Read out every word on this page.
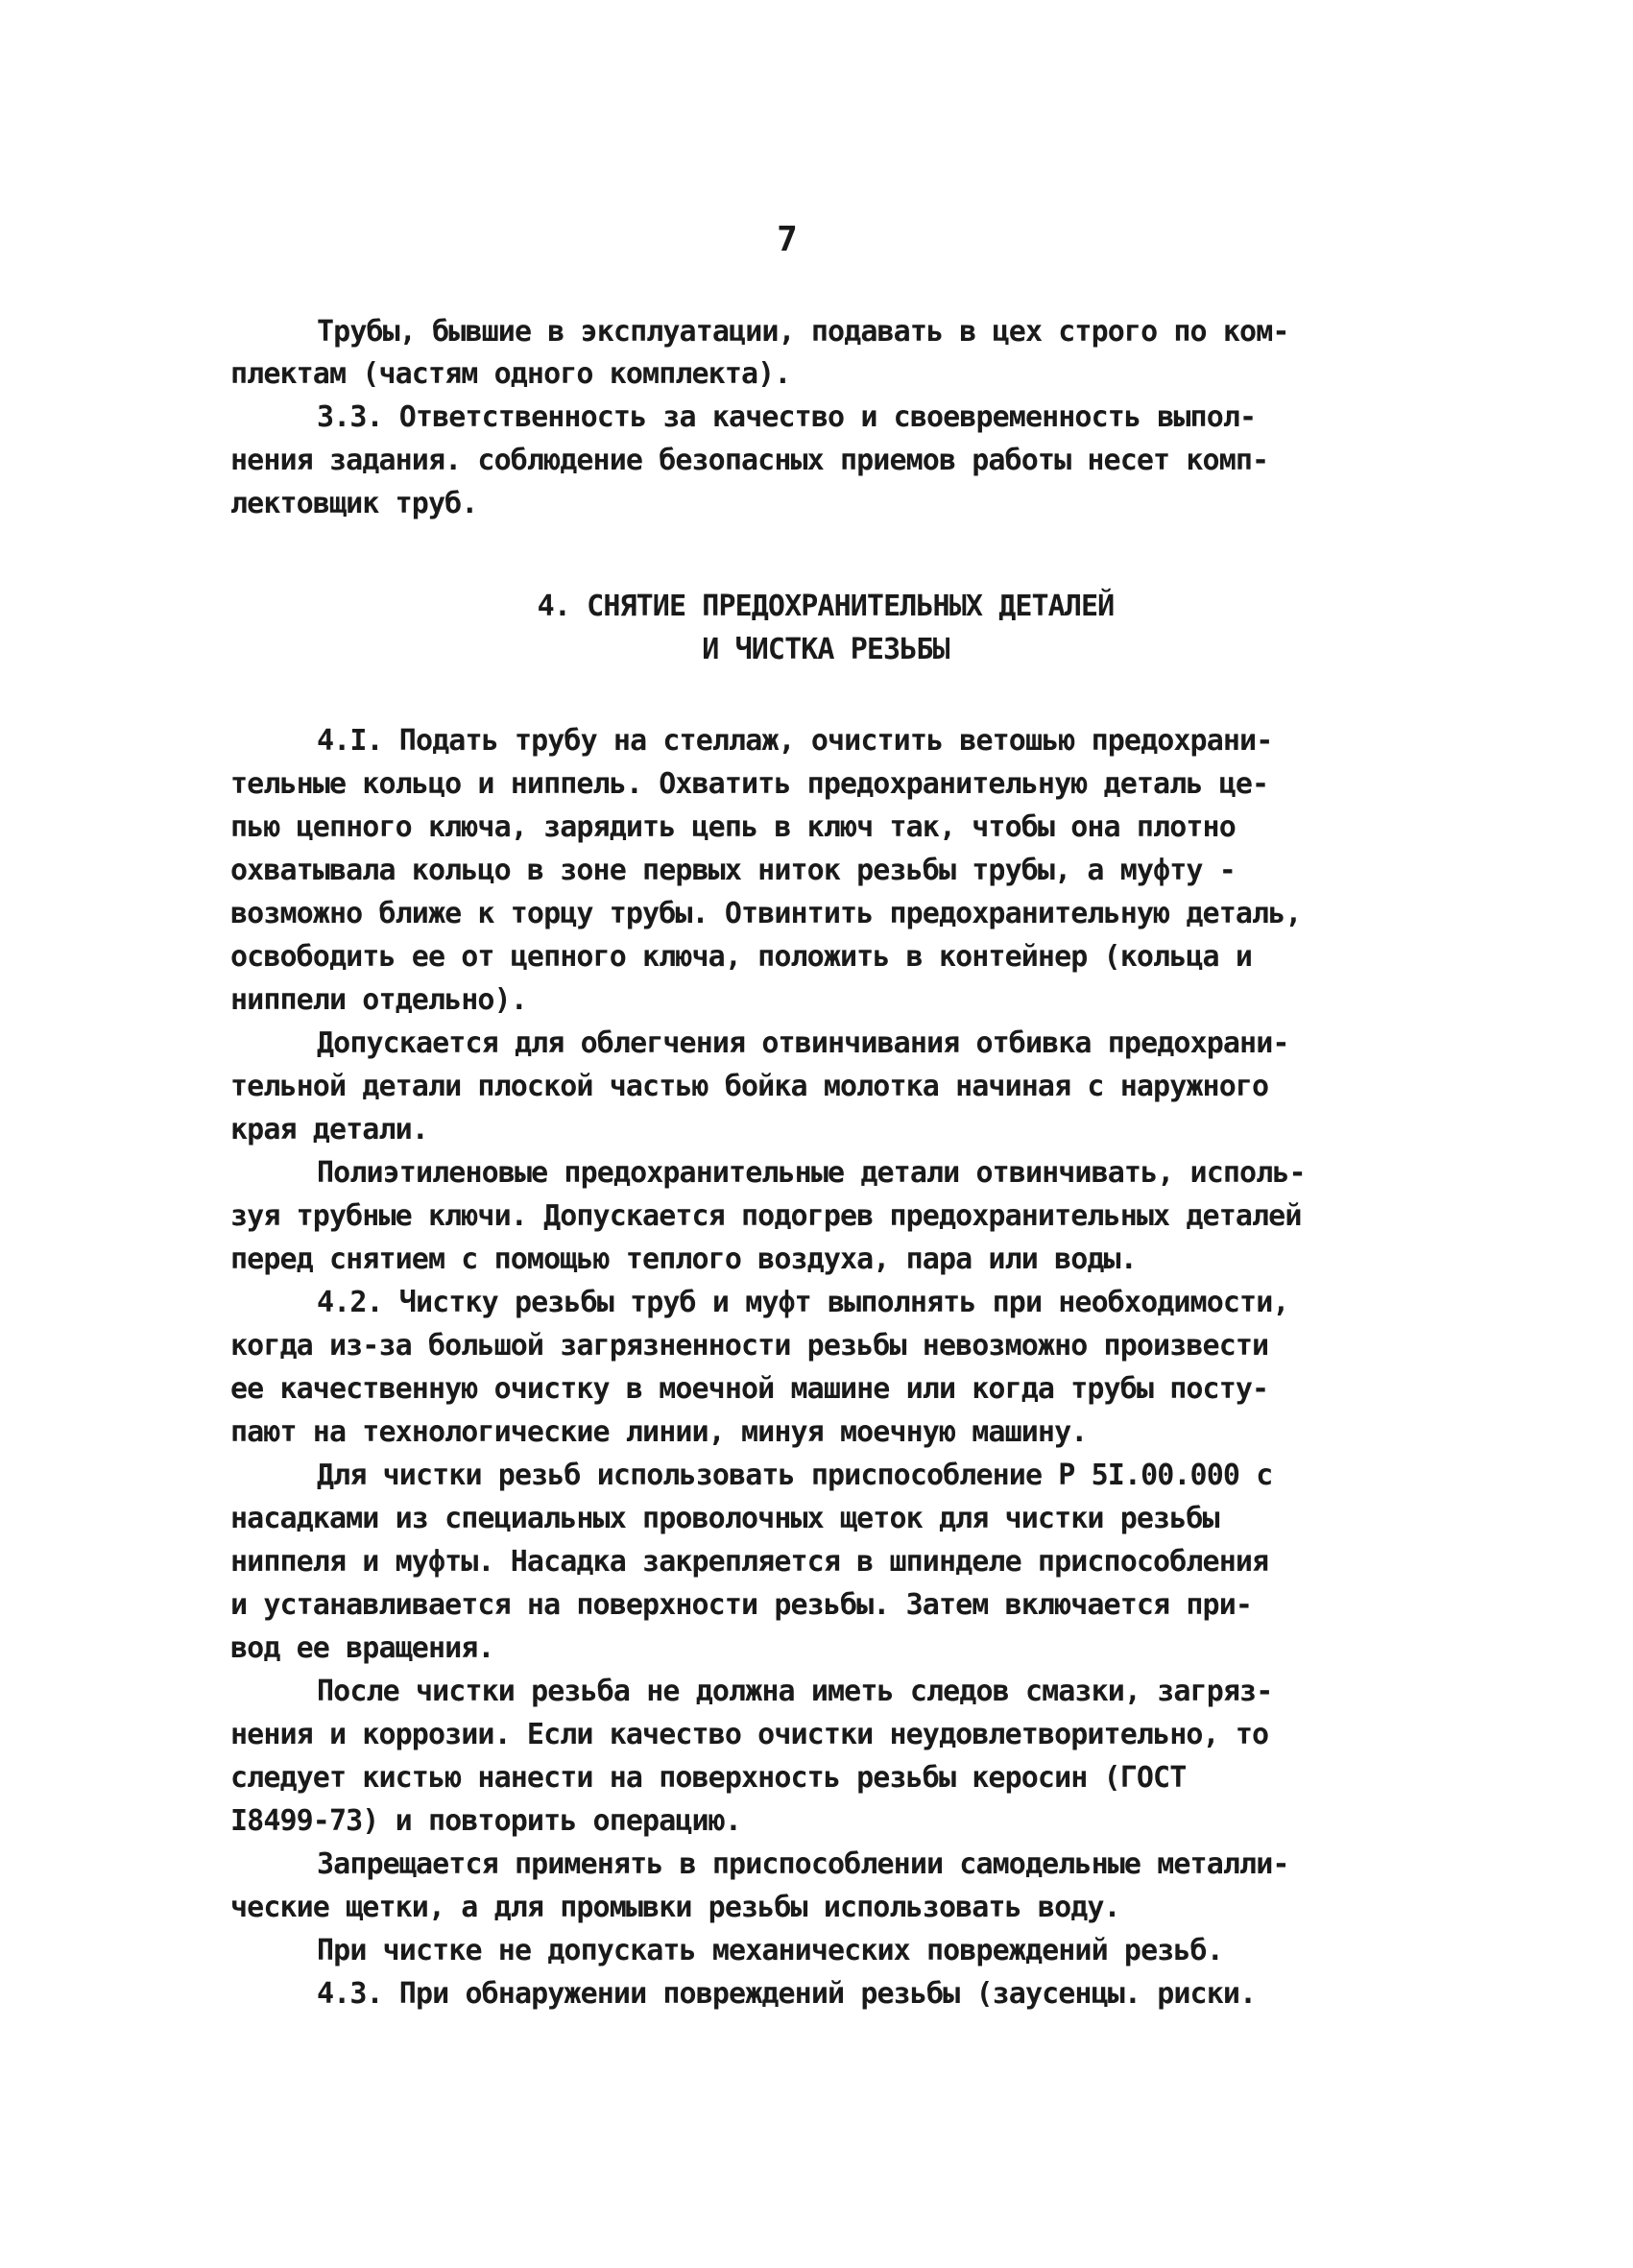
7
Трубы, бывшие в эксплуатации, подавать в цех строго по ком-
плектам (частям одного комплекта).
3.3. Ответственность за качество и своевременность выпол-
нения задания. соблюдение безопасных приемов работы несет комп-
лектовщик труб.
4. СНЯТИЕ ПРЕДОХРАНИТЕЛЬНЫХ ДЕТАЛЕЙ
И ЧИСТКА РЕЗЬБЫ
4.I. Подать трубу на стеллаж, очистить ветошью предохрани-
тельные кольцо и ниппель. Охватить предохранительную деталь це-
пью цепного ключа, зарядить цепь в ключ так, чтобы она плотно
охватывала кольцо в зоне первых ниток резьбы трубы, а муфту -
возможно ближе к торцу трубы. Отвинтить предохранительную деталь,
освободить ее от цепного ключа, положить в контейнер (кольца и
ниппели отдельно).
Допускается для облегчения отвинчивания отбивка предохрани-
тельной детали плоской частью бойка молотка начиная с наружного
края детали.
Полиэтиленовые предохранительные детали отвинчивать, исполь-
зуя трубные ключи. Допускается подогрев предохранительных деталей
перед снятием с помощью теплого воздуха, пара или воды.
4.2. Чистку резьбы труб и муфт выполнять при необходимости,
когда из-за большой загрязненности резьбы невозможно произвести
ее качественную очистку в моечной машине или когда трубы посту-
пают на технологические линии, минуя моечную машину.
Для чистки резьб использовать приспособление Р 5I.00.000 с
насадками из специальных проволочных щеток для чистки резьбы
ниппеля и муфты. Насадка закрепляется в шпинделе приспособления
и устанавливается на поверхности резьбы. Затем включается при-
вод ее вращения.
После чистки резьба не должна иметь следов смазки, загряз-
нения и коррозии. Если качество очистки неудовлетворительно, то
следует кистью нанести на поверхность резьбы керосин (ГОСТ
I8499-73) и повторить операцию.
Запрещается применять в приспособлении самодельные металли-
ческие щетки, а для промывки резьбы использовать воду.
При чистке не допускать механических повреждений резьб.
4.3. При обнаружении повреждений резьбы (заусенцы. риски.
